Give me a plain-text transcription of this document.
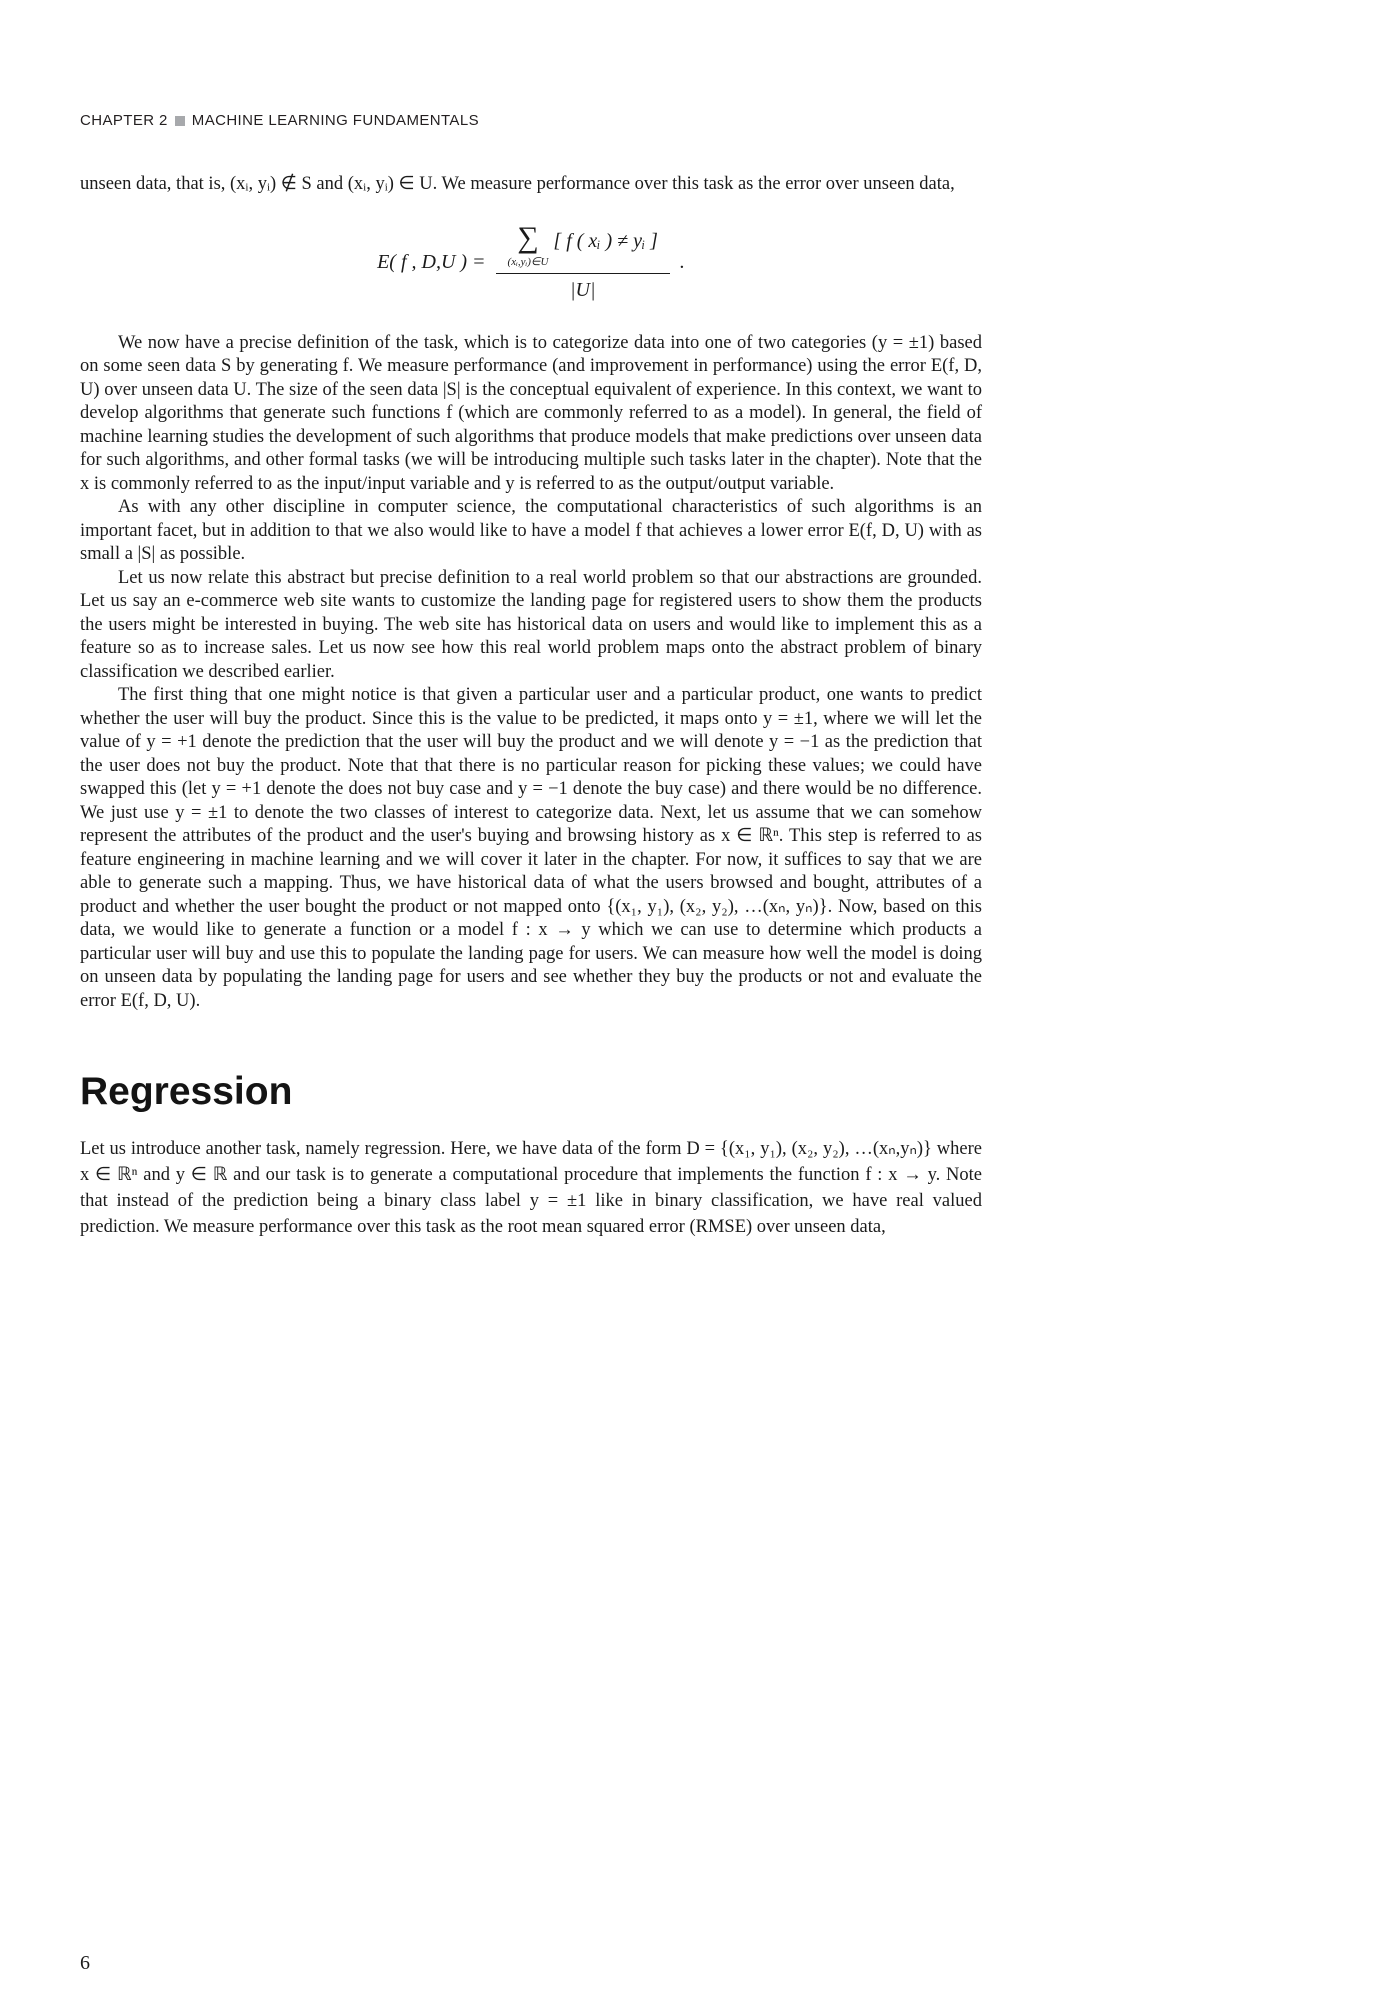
CHAPTER 2 MACHINE LEARNING FUNDAMENTALS

unseen data, that is, (xᵢ, yᵢ) ∉ S and (xᵢ, yᵢ) ∈ U. We measure performance over this task as the error over unseen data,

E( f , D,U ) =
∑
(xᵢ,yᵢ)∈U
[ f ( xᵢ ) ≠ yᵢ ]
|U|
.

We now have a precise definition of the task, which is to categorize data into one of two categories (y = ±1) based on some seen data S by generating f. We measure performance (and improvement in performance) using the error E(f, D, U) over unseen data U. The size of the seen data |S| is the conceptual equivalent of experience. In this context, we want to develop algorithms that generate such functions f (which are commonly referred to as a model). In general, the field of machine learning studies the development of such algorithms that produce models that make predictions over unseen data for such algorithms, and other formal tasks (we will be introducing multiple such tasks later in the chapter). Note that the x is commonly referred to as the input/input variable and y is referred to as the output/output variable.

As with any other discipline in computer science, the computational characteristics of such algorithms is an important facet, but in addition to that we also would like to have a model f that achieves a lower error E(f, D, U) with as small a |S| as possible.

Let us now relate this abstract but precise definition to a real world problem so that our abstractions are grounded. Let us say an e-commerce web site wants to customize the landing page for registered users to show them the products the users might be interested in buying. The web site has historical data on users and would like to implement this as a feature so as to increase sales. Let us now see how this real world problem maps onto the abstract problem of binary classification we described earlier.

The first thing that one might notice is that given a particular user and a particular product, one wants to predict whether the user will buy the product. Since this is the value to be predicted, it maps onto y = ±1, where we will let the value of y = +1 denote the prediction that the user will buy the product and we will denote y = −1 as the prediction that the user does not buy the product. Note that that there is no particular reason for picking these values; we could have swapped this (let y = +1 denote the does not buy case and y = −1 denote the buy case) and there would be no difference. We just use y = ±1 to denote the two classes of interest to categorize data. Next, let us assume that we can somehow represent the attributes of the product and the user's buying and browsing history as x ∈ ℝⁿ. This step is referred to as feature engineering in machine learning and we will cover it later in the chapter. For now, it suffices to say that we are able to generate such a mapping. Thus, we have historical data of what the users browsed and bought, attributes of a product and whether the user bought the product or not mapped onto {(x₁, y₁), (x₂, y₂), …(xₙ, yₙ)}. Now, based on this data, we would like to generate a function or a model f : x → y which we can use to determine which products a particular user will buy and use this to populate the landing page for users. We can measure how well the model is doing on unseen data by populating the landing page for users and see whether they buy the products or not and evaluate the error E(f, D, U).

Regression

Let us introduce another task, namely regression. Here, we have data of the form D = {(x₁, y₁), (x₂, y₂), …(xₙ,yₙ)} where x ∈ ℝⁿ and y ∈ ℝ and our task is to generate a computational procedure that implements the function f : x → y. Note that instead of the prediction being a binary class label y = ±1 like in binary classification, we have real valued prediction. We measure performance over this task as the root mean squared error (RMSE) over unseen data,

6
